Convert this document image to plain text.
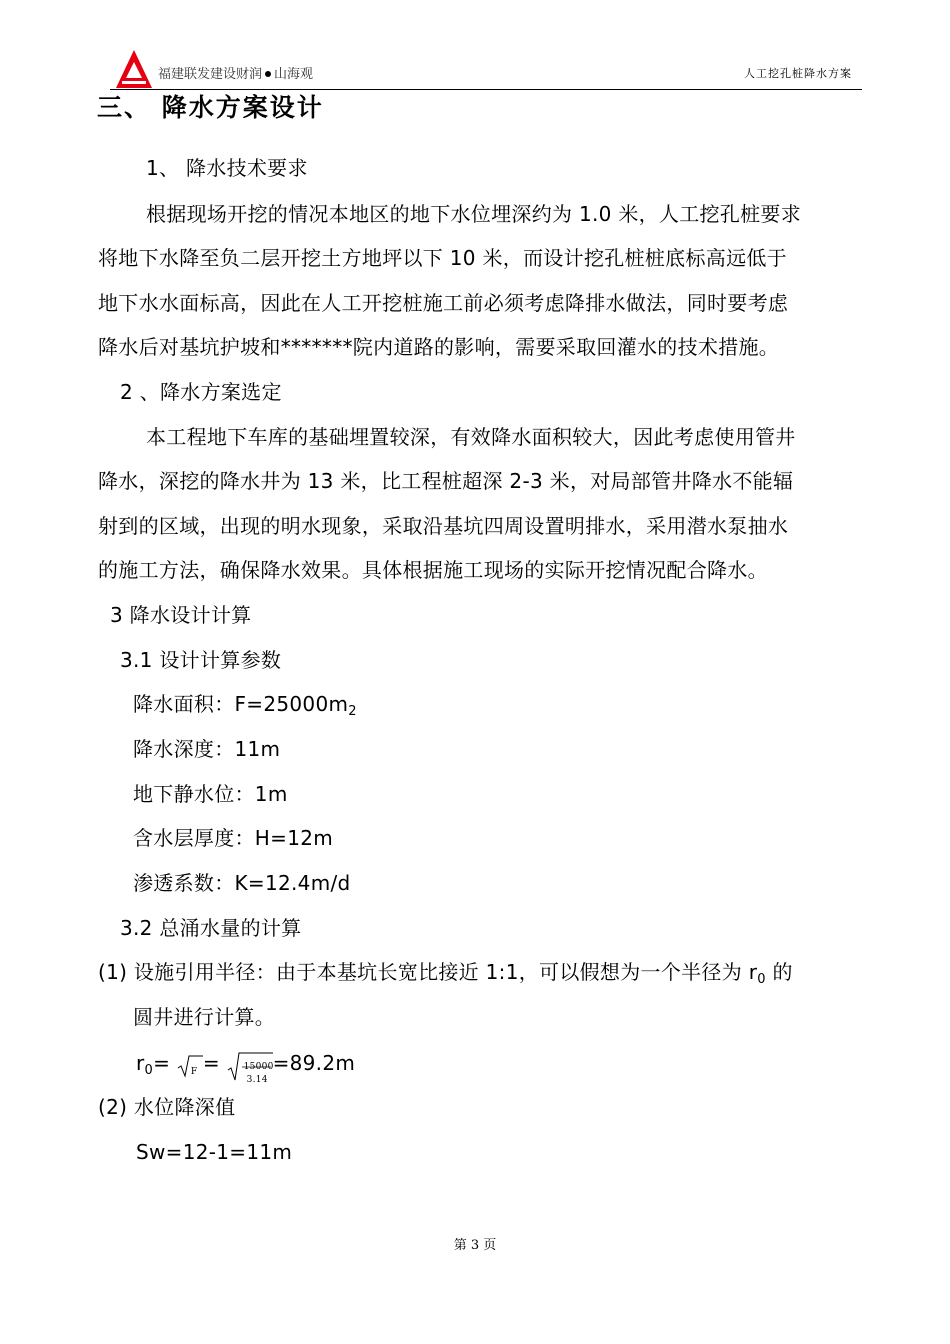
福建联发建设财润 山海观	人工挖孔桩降水方案
三、 降水方案设计
1、 降水技术要求
根据现场开挖的情况本地区的地下水位埋深约为 1.0 米，人工挖孔桩要求
将地下水降至负二层开挖土方地坪以下 10 米，而设计挖孔桩桩底标高远低于
地下水水面标高，因此在人工开挖桩施工前必须考虑降排水做法，同时要考虑
降水后对基坑护坡和*******院内道路的影响，需要采取回灌水的技术措施。
2 、降水方案选定
本工程地下车库的基础埋置较深，有效降水面积较大，因此考虑使用管井
降水，深挖的降水井为 13 米，比工程桩超深 2-3 米，对局部管井降水不能辐
射到的区域，出现的明水现象，采取沿基坑四周设置明排水，采用潜水泵抽水
的施工方法，确保降水效果。具体根据施工现场的实际开挖情况配合降水。
3 降水设计计算
3.1 设计计算参数
降水面积：$F=25000m_2$
降水深度：11m
地下静水位：1m
含水层厚度：H=12m
渗透系数：K=12.4m/d
3.2 总涌水量的计算
(1) 设施引用半径：由于本基坑长宽比接近 1:1，可以假想为一个半径为 $r_0$ 的
圆井进行计算。
$r_0= F$ =	15000
3.14
=89.2m
(2) 水位降深值
Sw=12-1=11m
第 3 页
